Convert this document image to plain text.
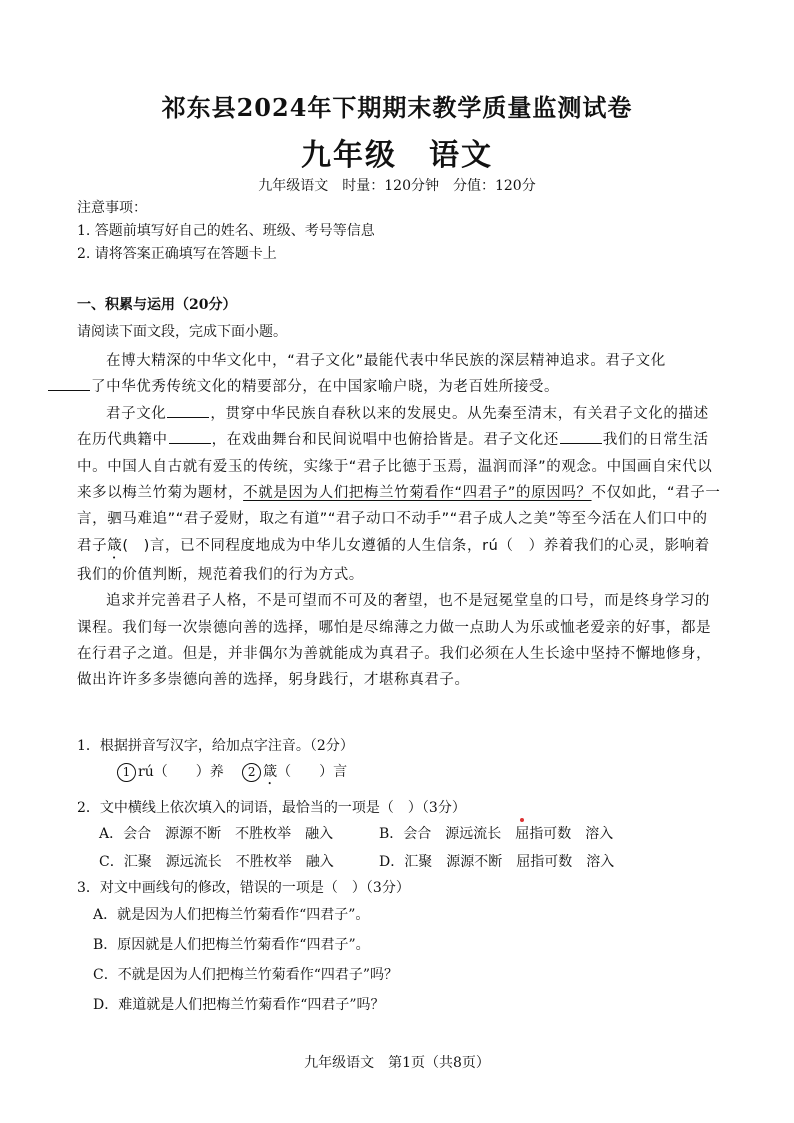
祁东县2024年下期期末教学质量监测试卷
九年级　语文
九年级语文　时量：120分钟　分值：120分
注意事项：
1. 答题前填写好自己的姓名、班级、考号等信息
2. 请将答案正确填写在答题卡上
一、积累与运用（20分）
请阅读下面文段，完成下面小题。

在博大精深的中华文化中，“君子文化”最能代表中华民族的深层精神追求。君子文化
了中华优秀传统文化的精要部分，在中国家喻户晓，为老百姓所接受。

君子文化	，贯穿中华民族自春秋以来的发展史。从先秦至清末，有关君子文化的描述在历代典籍中	，在戏曲舞台和民间说唱中也俯拾皆是。君子文化还	我们的日常生活中。中国人自古就有爱玉的传统，实缘于“君子比德于玉焉，温润而泽”的观念。中国画自宋代以来多以梅兰竹菊为题材，不就是因为人们把梅兰竹菊看作“四君子”的原因吗？不仅如此，“君子一言，驷马难追”“君子爱财，取之有道”“君子动口不动手”“君子成人之美”等至今活在人们口中的君子箴(　)言，已不同程度地成为中华儿女遵循的人生信条，rú（　）养着我们的心灵，影响着我们的价值判断，规范着我们的行为方式。

追求并完善君子人格，不是可望而不可及的奢望，也不是冠冕堂皇的口号，而是终身学习的课程。我们每一次崇德向善的选择，哪怕是尽绵薄之力做一点助人为乐或恤老爱亲的好事，都是在行君子之道。但是，并非偶尔为善就能成为真君子。我们必须在人生长途中坚持不懈地修身，做出许许多多崇德向善的选择，躬身践行，才堪称真君子。

1．根据拼音写汉字，给加点字注音。（2分）
1 rú（　　）养 　 2 箴（　　）言
2．文中横线上依次填入的词语，最恰当的一项是（　）（3分）
A．会合　源源不断　不胜枚举　融入	B．会合　源远流长　屈指可数　溶入
C．汇聚　源远流长　不胜枚举　融入	D．汇聚　源源不断　屈指可数　溶入
3．对文中画线句的修改，错误的一项是（　）（3分）
A．就是因为人们把梅兰竹菊看作“四君子”。
B．原因就是人们把梅兰竹菊看作“四君子”。
C．不就是因为人们把梅兰竹菊看作“四君子”吗？
D．难道就是人们把梅兰竹菊看作“四君子”吗？
九年级语文　第1页（共8页）
